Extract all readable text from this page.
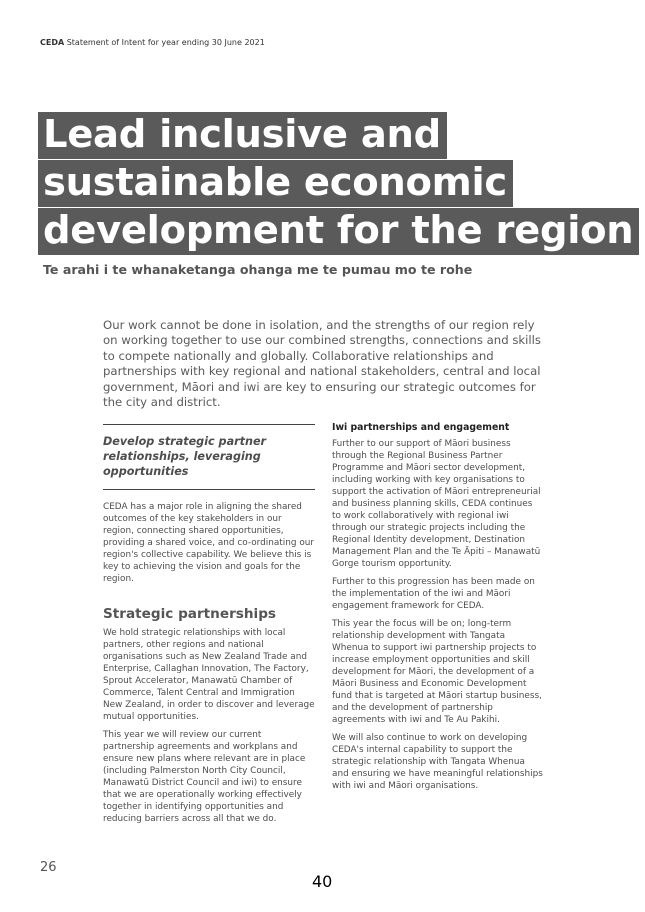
CEDA Statement of Intent for year ending 30 June 2021
Lead inclusive and
sustainable economic
development for the region
Te arahi i te whanaketanga ohanga me te pumau mo te rohe

Our work cannot be done in isolation, and the strengths of our region rely on working together to use our combined strengths, connections and skills to compete nationally and globally. Collaborative relationships and partnerships with key regional and national stakeholders, central and local government, Māori and iwi are key to ensuring our strategic outcomes for the city and district.

Develop strategic partner relationships, leveraging opportunities

CEDA has a major role in aligning the shared outcomes of the key stakeholders in our region, connecting shared opportunities, providing a shared voice, and co-ordinating our region's collective capability. We believe this is key to achieving the vision and goals for the region.

Strategic partnerships

We hold strategic relationships with local partners, other regions and national organisations such as New Zealand Trade and Enterprise, Callaghan Innovation, The Factory, Sprout Accelerator, Manawatū Chamber of Commerce, Talent Central and Immigration New Zealand, in order to discover and leverage mutual opportunities.

This year we will review our current partnership agreements and workplans and ensure new plans where relevant are in place (including Palmerston North City Council, Manawatū District Council and iwi) to ensure that we are operationally working effectively together in identifying opportunities and reducing barriers across all that we do.

Iwi partnerships and engagement

Further to our support of Māori business through the Regional Business Partner Programme and Māori sector development, including working with key organisations to support the activation of Māori entrepreneurial and business planning skills, CEDA continues to work collaboratively with regional iwi through our strategic projects including the Regional Identity development, Destination Management Plan and the Te Āpiti – Manawatū Gorge tourism opportunity.

Further to this progression has been made on the implementation of the iwi and Māori engagement framework for CEDA.

This year the focus will be on; long-term relationship development with Tangata Whenua to support iwi partnership projects to increase employment opportunities and skill development for Māori, the development of a Māori Business and Economic Development fund that is targeted at Māori startup business, and the development of partnership agreements with iwi and Te Au Pakihi.

We will also continue to work on developing CEDA's internal capability to support the strategic relationship with Tangata Whenua and ensuring we have meaningful relationships with iwi and Māori organisations.

26
40
